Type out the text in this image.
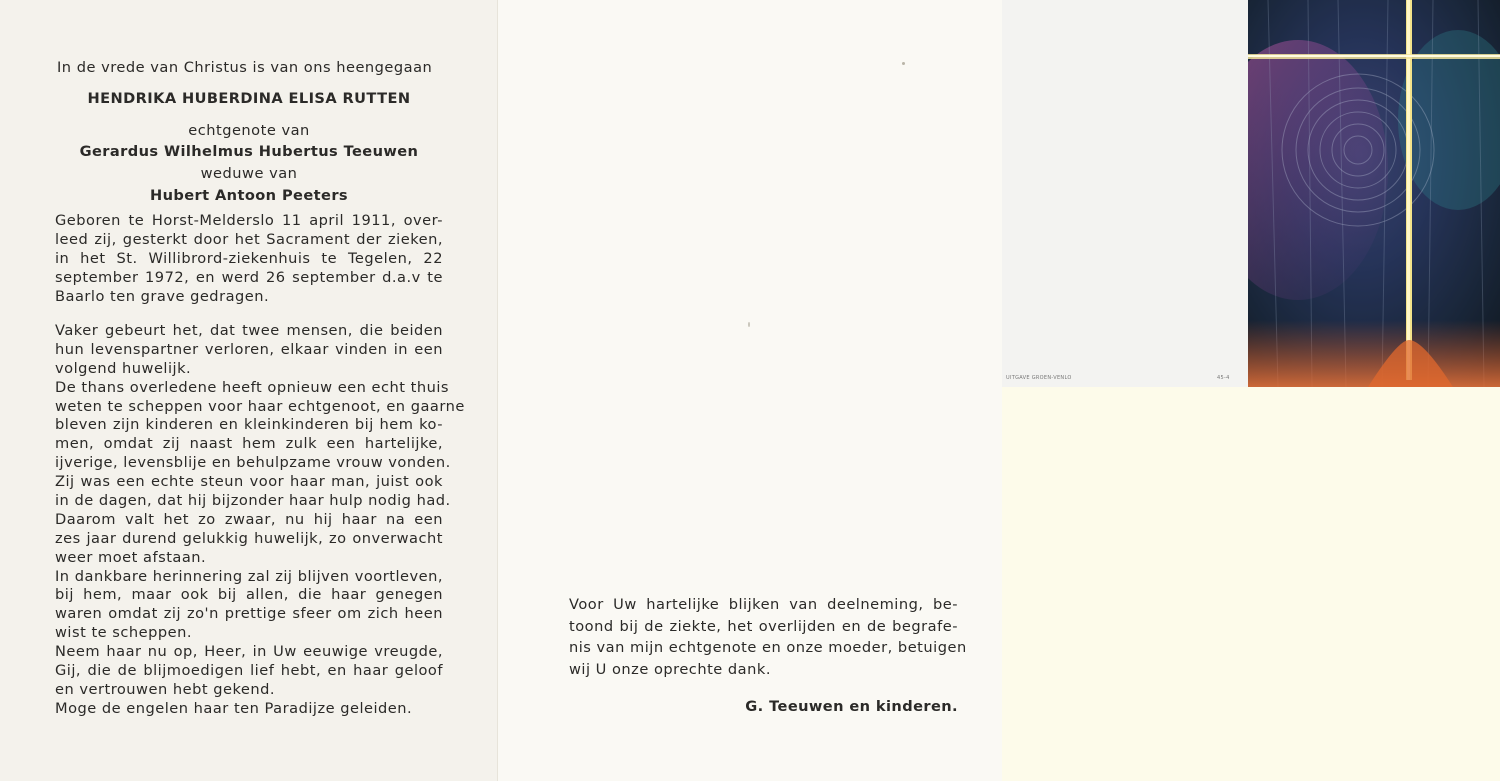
In de vrede van Christus is van ons heengegaan
HENDRIKA HUBERDINA ELISA RUTTEN
echtgenote van
Gerardus Wilhelmus Hubertus Teeuwen
weduwe van
Hubert Antoon Peeters
Geboren te Horst-Melderslo 11 april 1911, over-
leed zij, gesterkt door het Sacrament der zieken,
in het St. Willibrord-ziekenhuis te Tegelen, 22
september 1972, en werd 26 september d.a.v te
Baarlo ten grave gedragen.
Vaker gebeurt het, dat twee mensen, die beiden
hun levenspartner verloren, elkaar vinden in een
volgend huwelijk.
De thans overledene heeft opnieuw een echt thuis
weten te scheppen voor haar echtgenoot, en gaarne
bleven zijn kinderen en kleinkinderen bij hem ko-
men, omdat zij naast hem zulk een hartelijke,
ijverige, levensblije en behulpzame vrouw vonden.
Zij was een echte steun voor haar man, juist ook
in de dagen, dat hij bijzonder haar hulp nodig had.
Daarom valt het zo zwaar, nu hij haar na een
zes jaar durend gelukkig huwelijk, zo onverwacht
weer moet afstaan.
In dankbare herinnering zal zij blijven voortleven,
bij hem, maar ook bij allen, die haar genegen
waren omdat zij zo'n prettige sfeer om zich heen
wist te scheppen.
Neem haar nu op, Heer, in Uw eeuwige vreugde,
Gij, die de blijmoedigen lief hebt, en haar geloof
en vertrouwen hebt gekend.
Moge de engelen haar ten Paradijze geleiden.
Voor Uw hartelijke blijken van deelneming, be-
toond bij de ziekte, het overlijden en de begrafe-
nis van mijn echtgenote en onze moeder, betuigen
wij U onze oprechte dank.
G. Teeuwen en kinderen.
UITGAVE GROEN-VENLO	45-4
